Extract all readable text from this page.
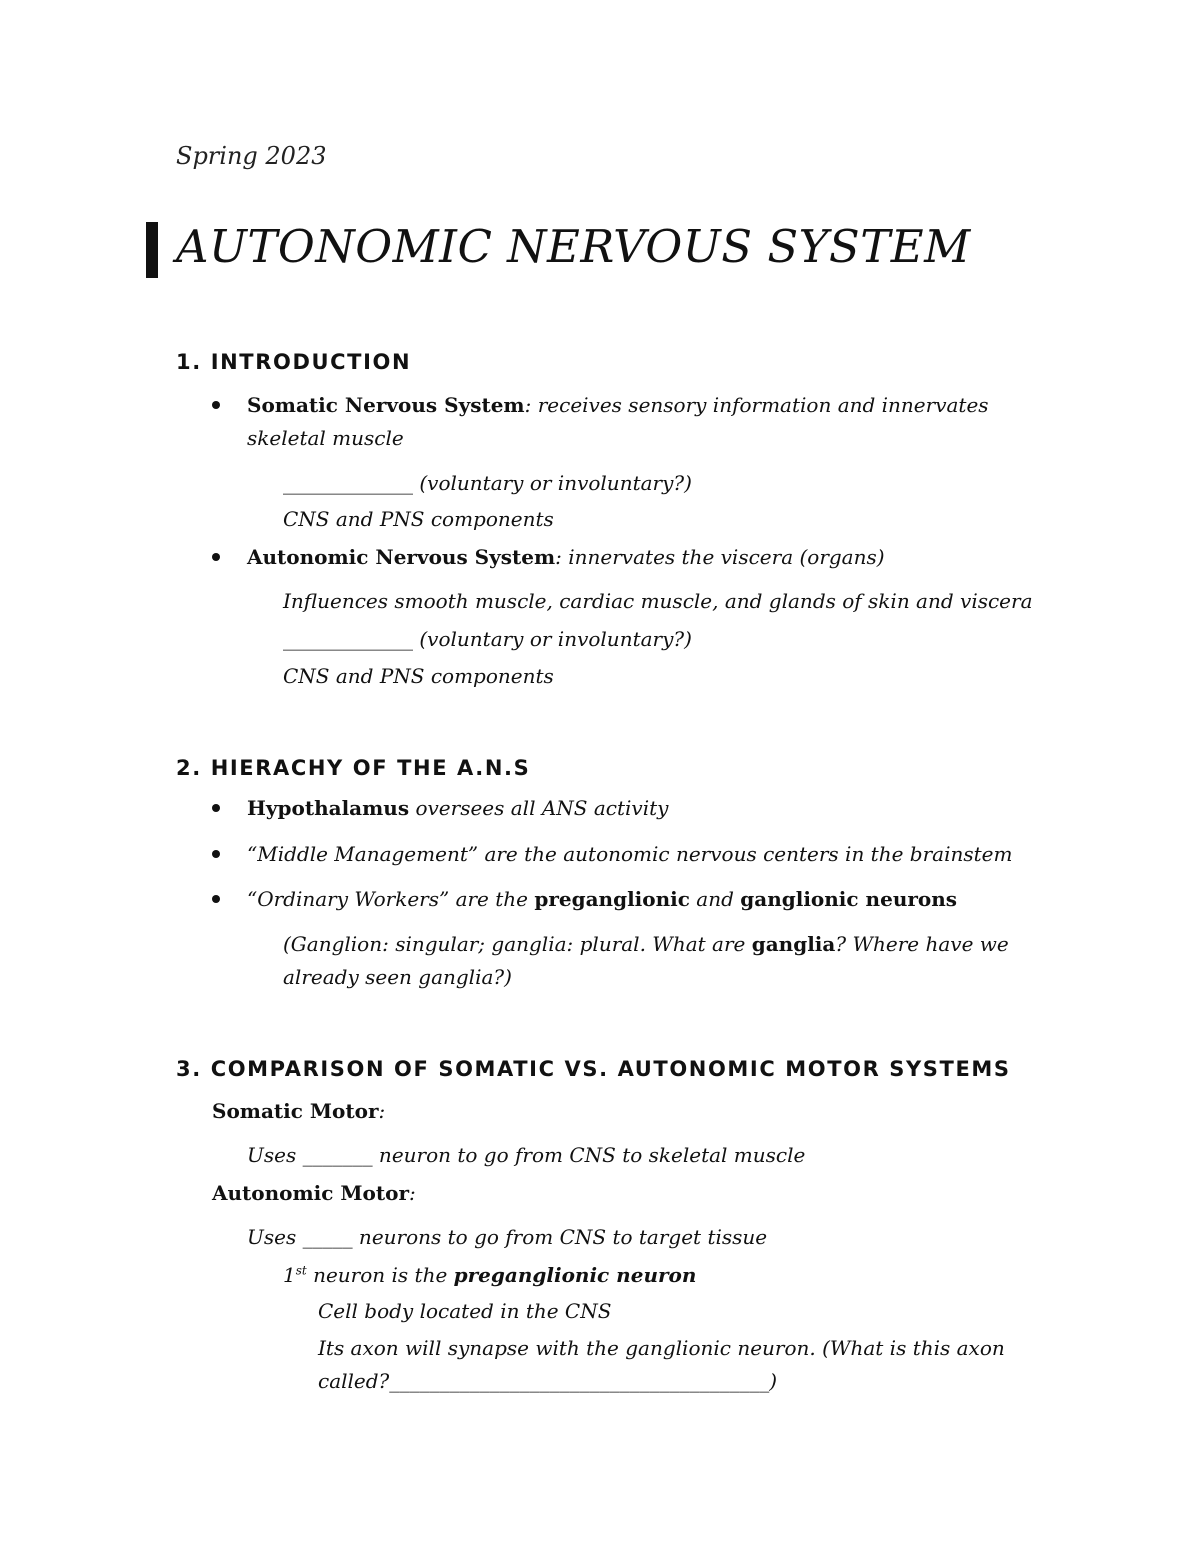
Spring 2023
AUTONOMIC NERVOUS SYSTEM
1. INTRODUCTION
Somatic Nervous System: receives sensory information and innervates
skeletal muscle
_____________ (voluntary or involuntary?)
CNS and PNS components
Autonomic Nervous System: innervates the viscera (organs)
Influences smooth muscle, cardiac muscle, and glands of skin and viscera
_____________ (voluntary or involuntary?)
CNS and PNS components
2. HIERACHY OF THE A.N.S
Hypothalamus oversees all ANS activity
“Middle Management” are the autonomic nervous centers in the brainstem
“Ordinary Workers” are the preganglionic and ganglionic neurons
(Ganglion: singular; ganglia: plural. What are ganglia? Where have we
already seen ganglia?)
3. COMPARISON OF SOMATIC VS. AUTONOMIC MOTOR SYSTEMS
Somatic Motor:
Uses _______ neuron to go from CNS to skeletal muscle
Autonomic Motor:
Uses _____ neurons to go from CNS to target tissue
1st neuron is the preganglionic neuron
Cell body located in the CNS
Its axon will synapse with the ganglionic neuron. (What is this axon
called?______________________________________)
